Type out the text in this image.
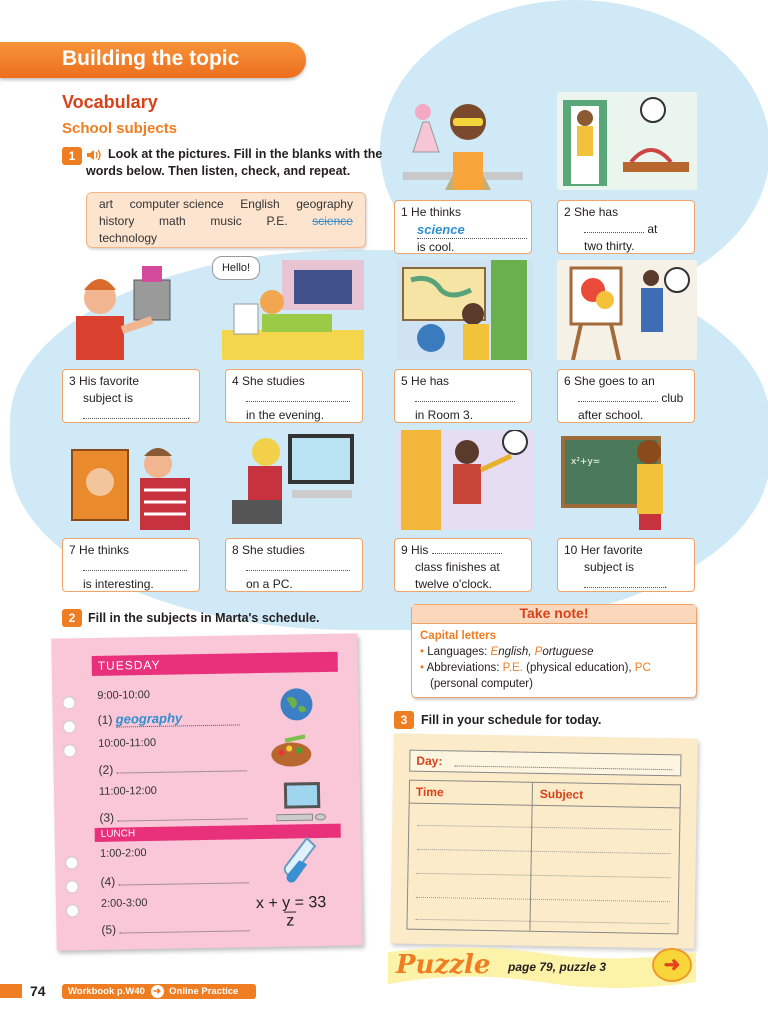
Building the topic
Vocabulary
School subjects
1	Look at the pictures. Fill in the blanks with the words below. Then listen, check, and repeat.
art computer science English geography
history math music P.E. science
technology
1 He thinks
science
is cool.
2 She has
at
two thirty.
Hello!
3 His favorite
subject is
.
4 She studies

in the evening.
5 He has

in Room 3.
6 She goes to an
club
after school.
x²+y=
7 He thinks

is interesting.
8 She studies

on a PC.
9 His
class finishes at
twelve o'clock.
10 Her favorite
subject is
.
2	Fill in the subjects in Marta's schedule.
TUESDAY
9:00-10:00
(1) geography
10:00-11:00
(2)
11:00-12:00
(3)
LUNCH
1:00-2:00
(4)
2:00-3:00
(5)	$\frac{x + y = 33}{z}$
Take note!
Capital letters
• Languages: English, Portuguese
• Abbreviations: P.E. (physical education), PC (personal computer)
3	Fill in your schedule for today.
Day:
Time	Subject
Puzzle page 79, puzzle 3	➜
74	Workbook p.W40 ➜ Online Practice
